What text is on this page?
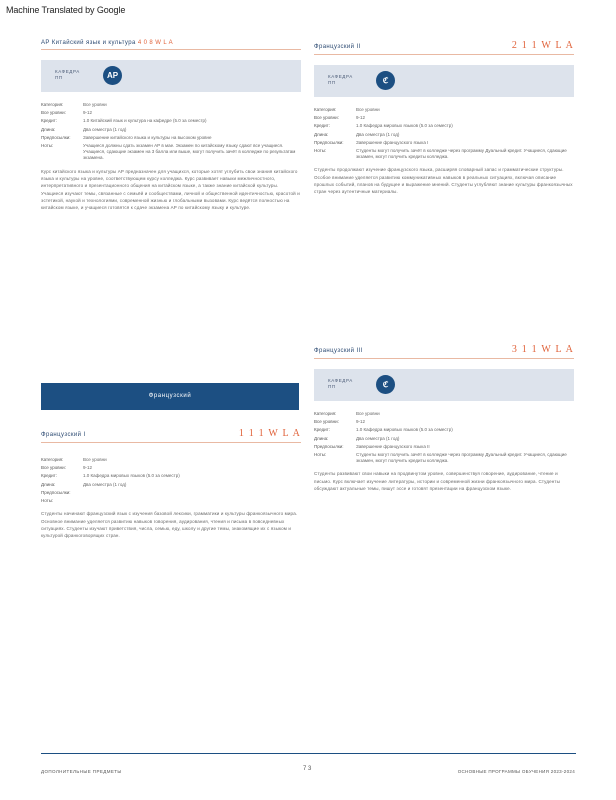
Machine Translated by Google
AP Китайский язык и культура 4 0 8 W L A
КАФЕДРА
ПП	AP
Категория:	Все уровни
Все уровни:	9-12
Кредит:	1.0 Китайский язык и культура на кафедре (5.0 за семестр)
Длина:	Два семестра (1 год)
Предпосылки:	Завершение китайского языка и культуры на высоком уровне
Ноты:	Учащиеся должны сдать экзамен АР в мае. Экзамен по китайскому языку сдают все учащиеся. Учащиеся, сдающие экзамен на 3 балла или выше, могут получить зачёт в колледже по результатам экзамена.
Курс китайского языка и культуры АР предназначен для учащихся, которые хотят углубить свои знания китайского языка и культуры на уровне, соответствующем курсу колледжа. Курс развивает навыки межличностного, интерпретативного и презентационного общения на китайском языке, а также знание китайской культуры. Учащиеся изучают темы, связанные с семьёй и сообществами, личной и общественной идентичностью, красотой и эстетикой, наукой и технологиями, современной жизнью и глобальными вызовами. Курс ведётся полностью на китайском языке, и учащиеся готовятся к сдаче экзамена АР по китайскому языку и культуре.
Французский
Французский I	1 1 1 W L A
Категория:	Все уровни
Все уровни:	9-12
Кредит:	1.0 Кафедра мировых языков (5.0 за семестр)
Длина:	Два семестра (1 год)
Предпосылки:
Ноты:
Студенты начинают французский язык с изучения базовой лексики, грамматики и культуры франкоязычного мира. Основное внимание уделяется развитию навыков говорения, аудирования, чтения и письма в повседневных ситуациях. Студенты изучают приветствия, числа, семью, еду, школу и другие темы, знакомящие их с языком и культурой франкоговорящих стран.
Французский II	2 1 1 W L A
КАФЕДРА
ПП	ℭ
Категория:	Все уровни
Все уровни:	9-12
Кредит:	1.0 Кафедра мировых языков (5.0 за семестр)
Длина:	Два семестра (1 год)
Предпосылки:	Завершение французского языка I
Ноты:	Студенты могут получить зачёт в колледже через программу Дуальный кредит. Учащиеся, сдающие экзамен, могут получить кредиты колледжа.
Студенты продолжают изучение французского языка, расширяя словарный запас и грамматические структуры. Особое внимание уделяется развитию коммуникативных навыков в реальных ситуациях, включая описание прошлых событий, планов на будущее и выражение мнений. Студенты углубляют знание культуры франкоязычных стран через аутентичные материалы.
Французский III	3 1 1 W L A
КАФЕДРА
ПП	ℭ
Категория:	Все уровни
Все уровни:	9-12
Кредит:	1.0 Кафедра мировых языков (5.0 за семестр)
Длина:	Два семестра (1 год)
Предпосылки:	Завершение французского языка II
Ноты:	Студенты могут получить зачёт в колледже через программу Дуальный кредит. Учащиеся, сдающие экзамен, могут получить кредиты колледжа.
Студенты развивают свои навыки на продвинутом уровне, совершенствуя говорение, аудирование, чтение и письмо. Курс включает изучение литературы, истории и современной жизни франкоязычного мира. Студенты обсуждают актуальные темы, пишут эссе и готовят презентации на французском языке.
ДОПОЛНИТЕЛЬНЫЕ ПРЕДМЕТЫ	7 3	ОСНОВНЫЕ ПРОГРАММЫ ОБУЧЕНИЯ 2023-2024
